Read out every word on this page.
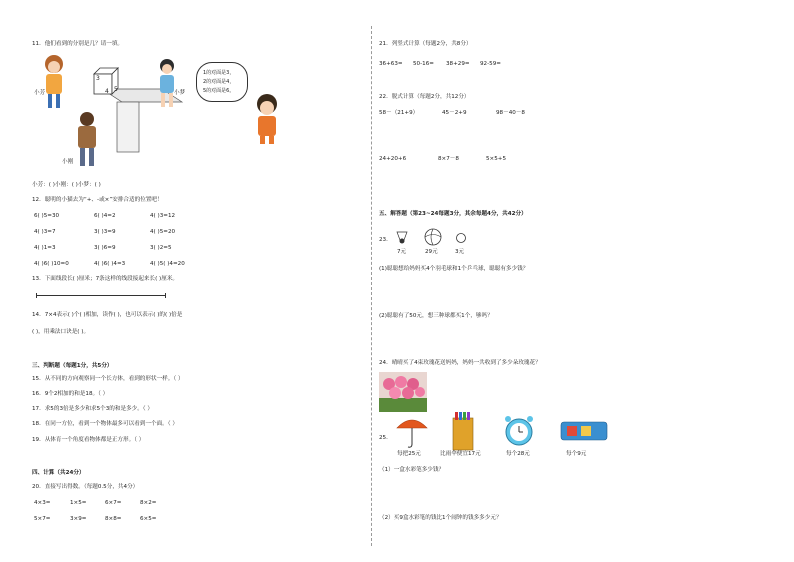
11．他们看到的分别是几？请一填。
3
4 5
小芳	小梦
小刚
1的对面是3，
2的对面是4，
5的对面是6。
小芳：( )小刚：( )小梦：( )
12．聪明的小猫去为“+、-或×”安排合适的位置吧！
6( )5=30	6( )4=2	4( )3=12
4( )3=7	3( )3=9	4( )5=20
4( )1=3	3( )6=9	3( )2=5
4( )6( )10=0	4( )6( )4=3	4( )5( )4=20
13．下面线段长( )厘米；7条这样的线段接起来长( )厘米。
14．7×4表示( )个( )相加，读作( )，也可以表示( )的( )倍是
( )，用乘法口诀是( )。
三、判断题（每题1分，共5分）
15．从不同的方向观察同一个长方体，看到的形状一样。（ ）
16．9个2相加的和是18。（ ）
17．求5的3倍是多少和求5个3的和是多少。（ ）
18．在同一方位，看到一个物体最多可以看到一个面。（ ）
19．从体育一个角度看物体都是正方形。（ ）
四、计算（共24分）
20．直接写出得数。（每题0.5分，共4分）
4×3=	1×5=	6×7=	8×2=
5×7=	3×9=	8×8=	6×5=
21．列竖式计算（每题2分，共8分）
36+63= 50-16= 38+29= 92-59=
22．脱式计算（每题2分，共12分）
58－（21+9）	45－2+9	98－40－8
24+20+6	8×7－8	5×5+5
五、解答题（第23~24每题3分，其余每题4分，共42分）
23．
7元	29元	3元
(1)聪聪想给妈妈买4个羽毛球和1个乒乓球，聪聪有多少钱？
(2)聪聪有了50元，想三种球都买1个，够吗？
24．晴晴买了4束玫瑰花送妈妈，妈妈一共收到了多少朵玫瑰花？
25．
每把25元	比雨伞便宜17元	每个28元	每个9元
（1）一盒水彩笔多少钱？
（2）买9盒水彩笔的钱比1个闹钟的钱多多少元？
